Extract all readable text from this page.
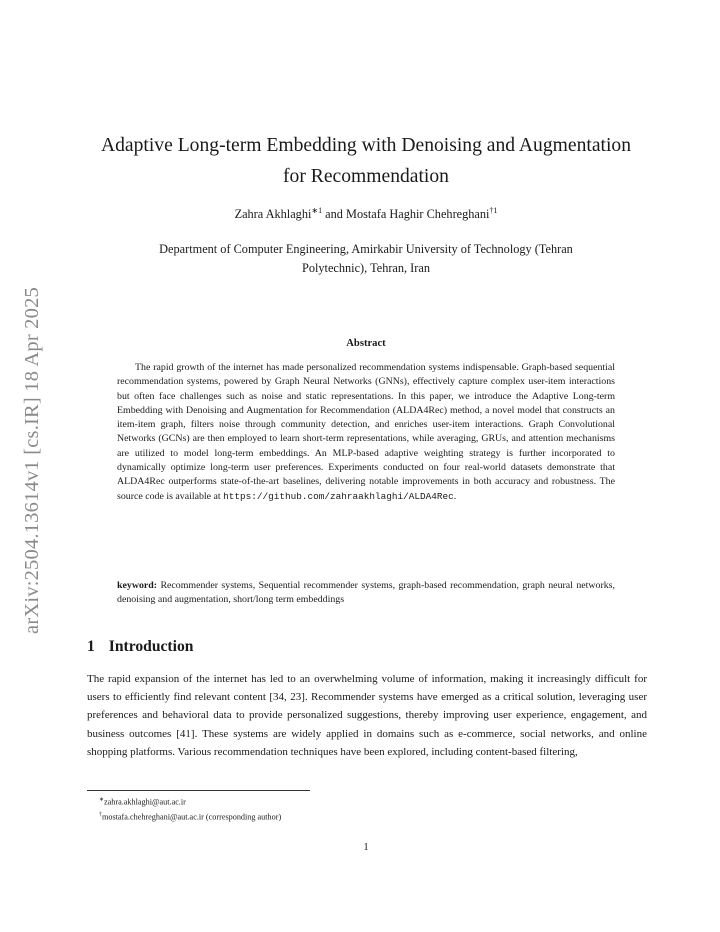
arXiv:2504.13614v1 [cs.IR] 18 Apr 2025
Adaptive Long-term Embedding with Denoising and Augmentation
for Recommendation
Zahra Akhlaghi$^{∗1}$ and Mostafa Haghir Chehreghani$^{\dagger 1}$
Department of Computer Engineering, Amirkabir University of Technology (Tehran
Polytechnic), Tehran, Iran
Abstract

The rapid growth of the internet has made personalized recommendation systems indispensable. Graph-based sequential recommendation systems, powered by Graph Neural Networks (GNNs), effectively capture complex user-item interactions but often face challenges such as noise and static representations. In this paper, we introduce the Adaptive Long-term Embedding with Denoising and Augmentation for Recommendation (ALDA4Rec) method, a novel model that constructs an item-item graph, filters noise through community detection, and enriches user-item interactions. Graph Convolutional Networks (GCNs) are then employed to learn short-term representations, while averaging, GRUs, and attention mechanisms are utilized to model long-term embeddings. An MLP-based adaptive weighting strategy is further incorporated to dynamically optimize long-term user preferences. Experiments conducted on four real-world datasets demonstrate that ALDA4Rec outperforms state-of-the-art baselines, delivering notable improvements in both accuracy and robustness. The source code is available at https://github.com/zahraakhlaghi/ALDA4Rec.

keyword: Recommender systems, Sequential recommender systems, graph-based recommendation, graph neural networks, denoising and augmentation, short/long term embeddings

1 Introduction

The rapid expansion of the internet has led to an overwhelming volume of information, making it increasingly difficult for users to efficiently find relevant content [34, 23]. Recommender systems have emerged as a critical solution, leveraging user preferences and behavioral data to provide personalized suggestions, thereby improving user experience, engagement, and business outcomes [41]. These systems are widely applied in domains such as e-commerce, social networks, and online shopping platforms. Various recommendation techniques have been explored, including content-based filtering,

∗zahra.akhlaghi@aut.ac.ir
†mostafa.chehreghani@aut.ac.ir (corresponding author)
1
